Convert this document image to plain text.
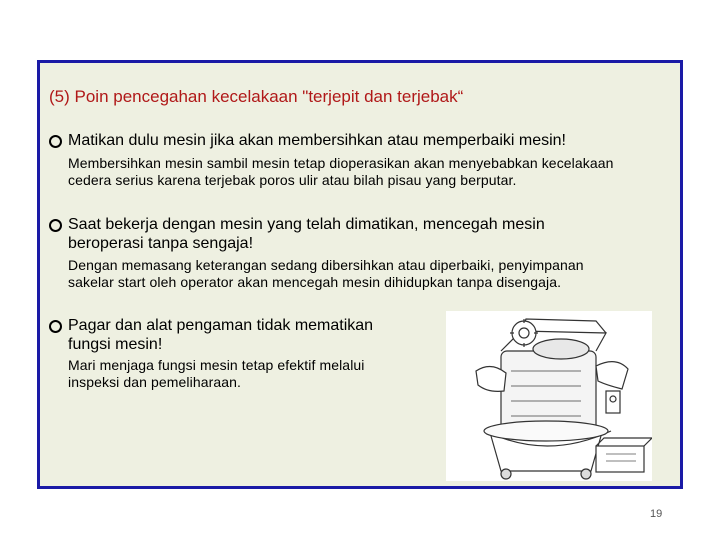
(5) Poin pencegahan kecelakaan "terjepit dan terjebak“
Matikan dulu mesin jika akan membersihkan atau memperbaiki mesin!
Membersihkan mesin sambil mesin tetap dioperasikan akan menyebabkan kecelakaan
cedera serius karena terjebak poros ulir atau bilah pisau yang berputar.
Saat bekerja dengan mesin yang telah dimatikan, mencegah mesin
beroperasi tanpa sengaja!
Dengan memasang keterangan sedang dibersihkan atau diperbaiki, penyimpanan
sakelar start oleh operator akan mencegah mesin dihidupkan tanpa disengaja.
Pagar dan alat pengaman tidak mematikan
fungsi mesin!
Mari menjaga fungsi mesin tetap efektif melalui
inspeksi dan pemeliharaan.
19
